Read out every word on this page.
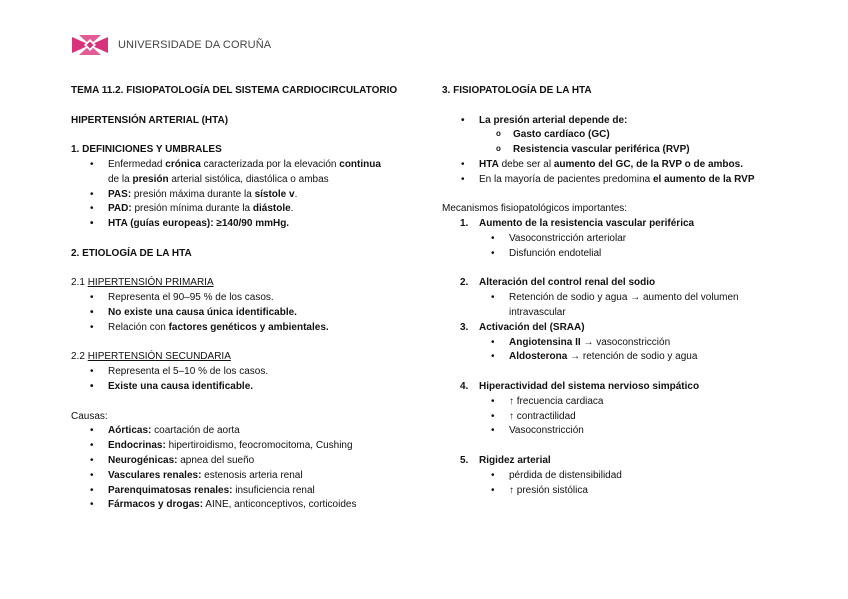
UNIVERSIDADE DA CORUÑA
TEMA 11.2. FISIOPATOLOGÍA DEL SISTEMA CARDIOCIRCULATORIO
HIPERTENSIÓN ARTERIAL (HTA)
1. DEFINICIONES Y UMBRALES
• Enfermedad crónica caracterizada por la elevación continua
de la presión arterial sistólica, diastólica o ambas
• PAS: presión máxima durante la sístole v.
• PAD: presión mínima durante la diástole.
• HTA (guías europeas): ≥140/90 mmHg.
2. ETIOLOGÍA DE LA HTA
2.1 HIPERTENSIÓN PRIMARIA
• Representa el 90–95 % de los casos.
• No existe una causa única identificable.
• Relación con factores genéticos y ambientales.
2.2 HIPERTENSIÓN SECUNDARIA
• Representa el 5–10 % de los casos.
• Existe una causa identificable.
Causas:
• Aórticas: coartación de aorta
• Endocrinas: hipertiroidismo, feocromocitoma, Cushing
• Neurogénicas: apnea del sueño
• Vasculares renales: estenosis arteria renal
• Parenquimatosas renales: insuficiencia renal
• Fármacos y drogas: AINE, anticonceptivos, corticoides
3. FISIOPATOLOGÍA DE LA HTA
• La presión arterial depende de:
o Gasto cardíaco (GC)
o Resistencia vascular periférica (RVP)
• HTA debe ser al aumento del GC, de la RVP o de ambos.
• En la mayoría de pacientes predomina el aumento de la RVP
Mecanismos fisiopatológicos importantes:
1. Aumento de la resistencia vascular periférica
• Vasoconstricción arteriolar
• Disfunción endotelial
2. Alteración del control renal del sodio
• Retención de sodio y agua → aumento del volumen
intravascular
3. Activación del (SRAA)
• Angiotensina II → vasoconstricción
• Aldosterona → retención de sodio y agua
4. Hiperactividad del sistema nervioso simpático
• ↑ frecuencia cardiaca
• ↑ contractilidad
• Vasoconstricción
5. Rigidez arterial
• pérdida de distensibilidad
• ↑ presión sistólica
